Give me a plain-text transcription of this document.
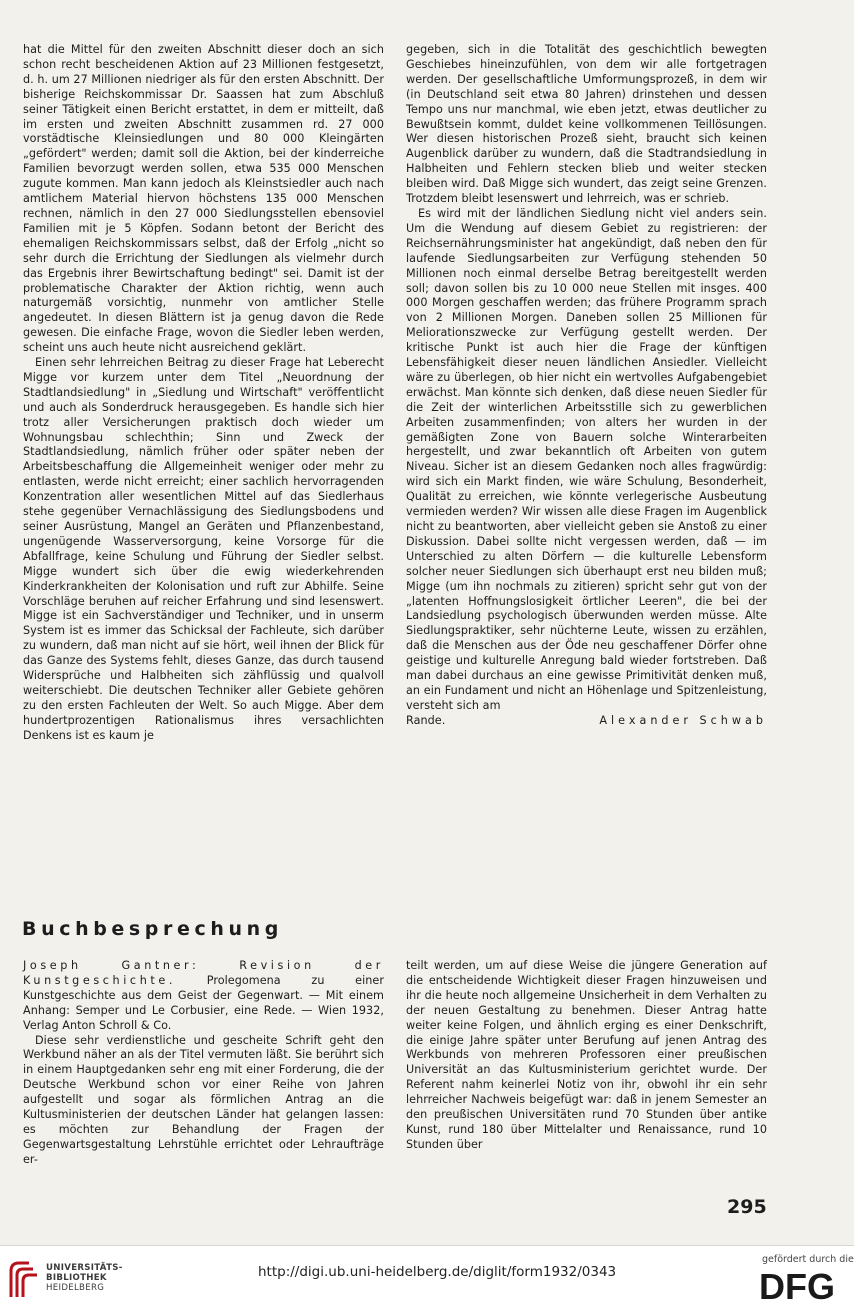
hat die Mittel für den zweiten Abschnitt dieser doch an sich schon recht bescheidenen Aktion auf 23 Millionen festgesetzt, d. h. um 27 Millionen niedriger als für den ersten Abschnitt. Der bisherige Reichskommissar Dr. Saassen hat zum Abschluß seiner Tätigkeit einen Bericht erstattet, in dem er mitteilt, daß im ersten und zweiten Abschnitt zusammen rd. 27 000 vorstädtische Kleinsiedlungen und 80 000 Kleingärten „gefördert" werden; damit soll die Aktion, bei der kinderreiche Familien bevorzugt werden sollen, etwa 535 000 Menschen zugute kommen. Man kann jedoch als Kleinstsiedler auch nach amtlichem Material hiervon höchstens 135 000 Menschen rechnen, nämlich in den 27 000 Siedlungsstellen ebensoviel Familien mit je 5 Köpfen. Sodann betont der Bericht des ehemaligen Reichskommissars selbst, daß der Erfolg „nicht so sehr durch die Errichtung der Siedlungen als vielmehr durch das Ergebnis ihrer Bewirtschaftung bedingt" sei. Damit ist der problematische Charakter der Aktion richtig, wenn auch naturgemäß vorsichtig, nunmehr von amtlicher Stelle angedeutet. In diesen Blättern ist ja genug davon die Rede gewesen. Die einfache Frage, wovon die Siedler leben werden, scheint uns auch heute nicht ausreichend geklärt.

Einen sehr lehrreichen Beitrag zu dieser Frage hat Leberecht Migge vor kurzem unter dem Titel „Neuordnung der Stadtlandsiedlung" in „Siedlung und Wirtschaft" veröffentlicht und auch als Sonderdruck herausgegeben. Es handle sich hier trotz aller Versicherungen praktisch doch wieder um Wohnungsbau schlechthin; Sinn und Zweck der Stadtlandsiedlung, nämlich früher oder später neben der Arbeitsbeschaffung die Allgemeinheit weniger oder mehr zu entlasten, werde nicht erreicht; einer sachlich hervorragenden Konzentration aller wesentlichen Mittel auf das Siedlerhaus stehe gegenüber Vernachlässigung des Siedlungsbodens und seiner Ausrüstung, Mangel an Geräten und Pflanzenbestand, ungenügende Wasserversorgung, keine Vorsorge für die Abfallfrage, keine Schulung und Führung der Siedler selbst. Migge wundert sich über die ewig wiederkehrenden Kinderkrankheiten der Kolonisation und ruft zur Abhilfe. Seine Vorschläge beruhen auf reicher Erfahrung und sind lesenswert. Migge ist ein Sachverständiger und Techniker, und in unserm System ist es immer das Schicksal der Fachleute, sich darüber zu wundern, daß man nicht auf sie hört, weil ihnen der Blick für das Ganze des Systems fehlt, dieses Ganze, das durch tausend Widersprüche und Halbheiten sich zähflüssig und qualvoll weiterschiebt. Die deutschen Techniker aller Gebiete gehören zu den ersten Fachleuten der Welt. So auch Migge. Aber dem hundertprozentigen Rationalismus ihres versachlichten Denkens ist es kaum je

gegeben, sich in die Totalität des geschichtlich bewegten Geschiebes hineinzufühlen, von dem wir alle fortgetragen werden. Der gesellschaftliche Umformungsprozeß, in dem wir (in Deutschland seit etwa 80 Jahren) drinstehen und dessen Tempo uns nur manchmal, wie eben jetzt, etwas deutlicher zu Bewußtsein kommt, duldet keine vollkommenen Teillösungen. Wer diesen historischen Prozeß sieht, braucht sich keinen Augenblick darüber zu wundern, daß die Stadtrandsiedlung in Halbheiten und Fehlern stecken blieb und weiter stecken bleiben wird. Daß Migge sich wundert, das zeigt seine Grenzen. Trotzdem bleibt lesenswert und lehrreich, was er schrieb.

Es wird mit der ländlichen Siedlung nicht viel anders sein. Um die Wendung auf diesem Gebiet zu registrieren: der Reichsernährungsminister hat angekündigt, daß neben den für laufende Siedlungsarbeiten zur Verfügung stehenden 50 Millionen noch einmal derselbe Betrag bereitgestellt werden soll; davon sollen bis zu 10 000 neue Stellen mit insges. 400 000 Morgen geschaffen werden; das frühere Programm sprach von 2 Millionen Morgen. Daneben sollen 25 Millionen für Meliorationszwecke zur Verfügung gestellt werden. Der kritische Punkt ist auch hier die Frage der künftigen Lebensfähigkeit dieser neuen ländlichen Ansiedler. Vielleicht wäre zu überlegen, ob hier nicht ein wertvolles Aufgabengebiet erwächst. Man könnte sich denken, daß diese neuen Siedler für die Zeit der winterlichen Arbeitsstille sich zu gewerblichen Arbeiten zusammenfinden; von alters her wurden in der gemäßigten Zone von Bauern solche Winterarbeiten hergestellt, und zwar bekanntlich oft Arbeiten von gutem Niveau. Sicher ist an diesem Gedanken noch alles fragwürdig: wird sich ein Markt finden, wie wäre Schulung, Besonderheit, Qualität zu erreichen, wie könnte verlegerische Ausbeutung vermieden werden? Wir wissen alle diese Fragen im Augenblick nicht zu beantworten, aber vielleicht geben sie Anstoß zu einer Diskussion. Dabei sollte nicht vergessen werden, daß — im Unterschied zu alten Dörfern — die kulturelle Lebensform solcher neuer Siedlungen sich überhaupt erst neu bilden muß; Migge (um ihn nochmals zu zitieren) spricht sehr gut von der „latenten Hoffnungslosigkeit örtlicher Leeren", die bei der Landsiedlung psychologisch überwunden werden müsse. Alte Siedlungspraktiker, sehr nüchterne Leute, wissen zu erzählen, daß die Menschen aus der Öde neu geschaffener Dörfer ohne geistige und kulturelle Anregung bald wieder fortstreben. Daß man dabei durchaus an eine gewisse Primitivität denken muß, an ein Fundament und nicht an Höhenlage und Spitzenleistung, versteht sich am

Rande.	Alexander Schwab
Buchbesprechung

Joseph Gantner: Revision der Kunstgeschichte.	Prolegomena zu einer Kunstgeschichte aus dem Geist der Gegenwart. — Mit einem Anhang: Semper und Le Corbusier, eine Rede. — Wien 1932, Verlag Anton Schroll & Co.

Diese sehr verdienstliche und gescheite Schrift geht den Werkbund näher an als der Titel vermuten läßt. Sie berührt sich in einem Hauptgedanken sehr eng mit einer Forderung, die der Deutsche Werkbund schon vor einer Reihe von Jahren aufgestellt und sogar als förmlichen Antrag an die Kultusministerien der deutschen Länder hat gelangen lassen: es möchten zur Behandlung der Fragen der Gegenwartsgestaltung Lehrstühle errichtet oder Lehraufträge er-

teilt werden, um auf diese Weise die jüngere Generation auf die entscheidende Wichtigkeit dieser Fragen hinzuweisen und ihr die heute noch allgemeine Unsicherheit in dem Verhalten zu der neuen Gestaltung zu benehmen. Dieser Antrag hatte weiter keine Folgen, und ähnlich erging es einer Denkschrift, die einige Jahre später unter Berufung auf jenen Antrag des Werkbunds von mehreren Professoren einer preußischen Universität an das Kultusministerium gerichtet wurde. Der Referent nahm keinerlei Notiz von ihr, obwohl ihr ein sehr lehrreicher Nachweis beigefügt war: daß in jenem Semester an den preußischen Universitäten rund 70 Stunden über antike Kunst, rund 180 über Mittelalter und Renaissance, rund 10 Stunden über

295
UNIVERSITÄTS-
BIBLIOTHEK
HEIDELBERG
http://digi.ub.uni-heidelberg.de/diglit/form1932/0343
gefördert durch die
DFG
